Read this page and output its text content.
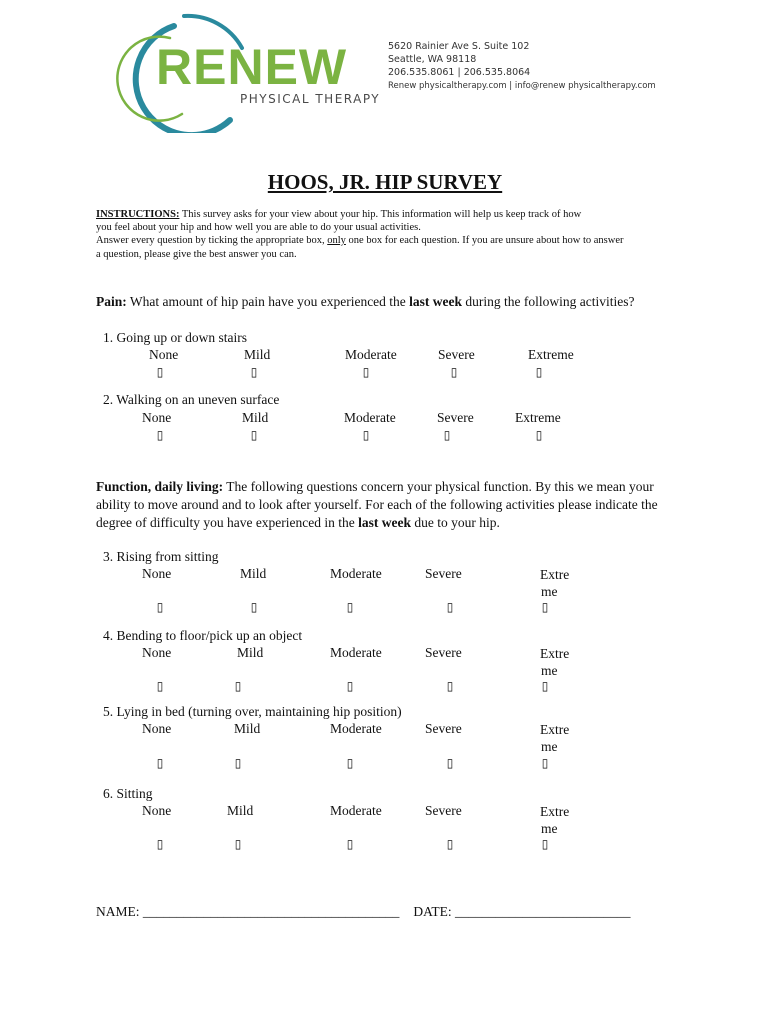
RENEW
PHYSICAL THERAPY
5620 Rainier Ave S. Suite 102
Seattle, WA 98118
206.535.8061 | 206.535.8064
Renew physicaltherapy.com | info@renew physicaltherapy.com
HOOS, JR. HIP SURVEY
INSTRUCTIONS: This survey asks for your view about your hip. This information will help us keep track of how
you feel about your hip and how well you are able to do your usual activities.
Answer every question by ticking the appropriate box, only one box for each question. If you are unsure about how to answer
a question, please give the best answer you can.
Pain: What amount of hip pain have you experienced the last week during the following activities?
Function, daily living: The following questions concern your physical function. By this we mean your ability to move around and to look after yourself. For each of the following activities please indicate the degree of difficulty you have experienced in the last week due to your hip.
NAME: ______________________________________ DATE: __________________________
1. Going up or down stairs
None
▯
Mild
▯
Moderate
▯
Severe
▯
Extreme
▯
2. Walking on an uneven surface
None
▯
Mild
▯
Moderate
▯
Severe
▯
Extreme
▯
3. Rising from sitting
None
▯
Mild
▯
Moderate
▯
Severe
▯
Extre
me
▯
4. Bending to floor/pick up an object
None
▯
Mild
▯
Moderate
▯
Severe
▯
Extre
me
▯
5. Lying in bed (turning over, maintaining hip position)
None
▯
Mild
▯
Moderate
▯
Severe
▯
Extre
me
▯
6. Sitting
None
▯
Mild
▯
Moderate
▯
Severe
▯
Extre
me
▯
